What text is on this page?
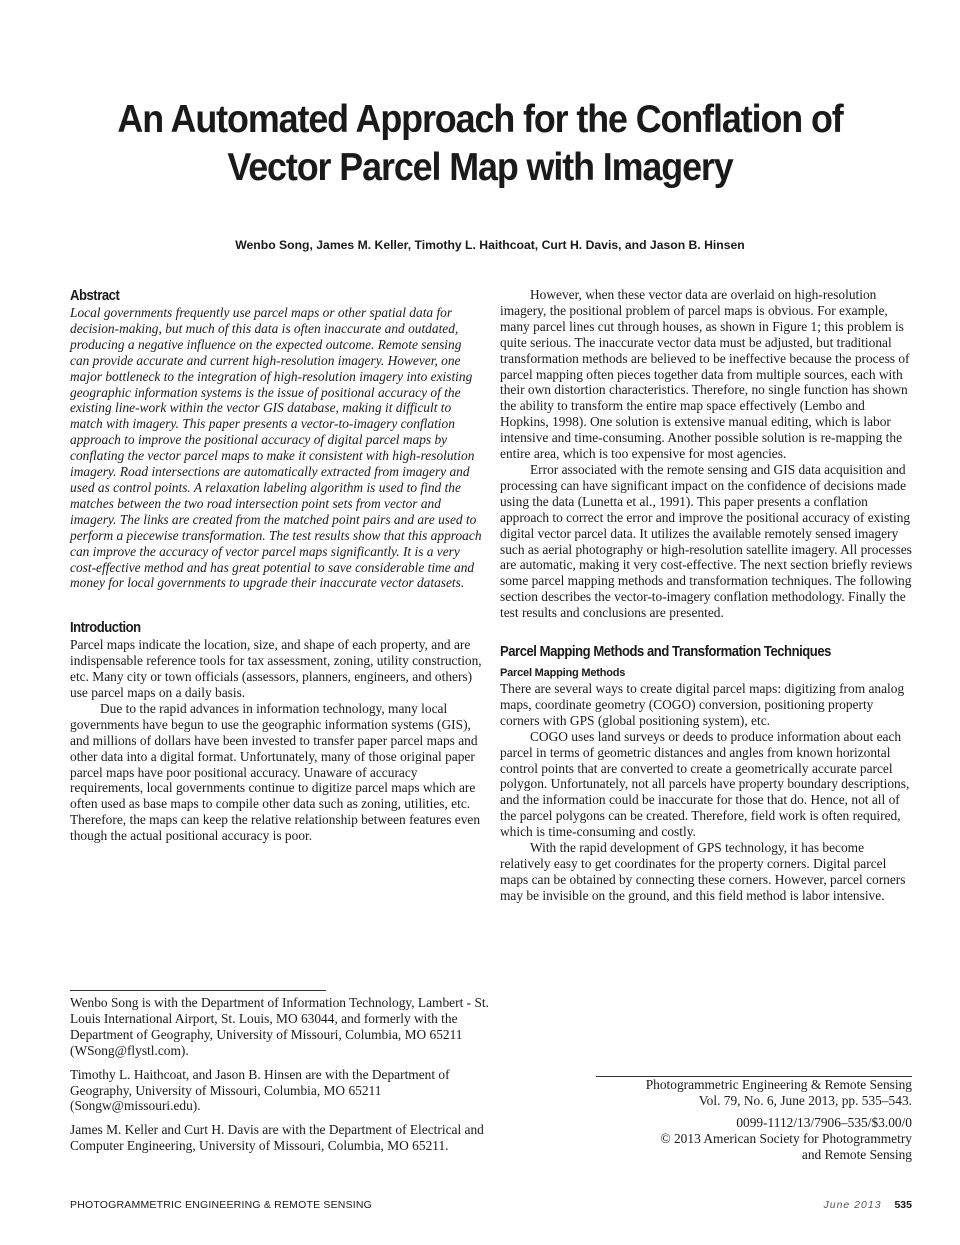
An Automated Approach for the Conflation of
Vector Parcel Map with Imagery
Wenbo Song, James M. Keller, Timothy L. Haithcoat, Curt H. Davis, and Jason B. Hinsen
Abstract

Local governments frequently use parcel maps or other spatial data for decision-making, but much of this data is often inaccurate and outdated, producing a negative influence on the expected outcome. Remote sensing can provide accurate and current high-resolution imagery. However, one major bottleneck to the integration of high-resolution imagery into existing geographic information systems is the issue of positional accuracy of the existing line-work within the vector GIS database, making it difficult to match with imagery. This paper presents a vector-to-imagery conflation approach to improve the positional accuracy of digital parcel maps by conflating the vector parcel maps to make it consistent with high-resolution imagery. Road intersections are automatically extracted from imagery and used as control points. A relaxation labeling algorithm is used to find the matches between the two road intersection point sets from vector and imagery. The links are created from the matched point pairs and are used to perform a piecewise transformation. The test results show that this approach can improve the accuracy of vector parcel maps significantly. It is a very cost-effective method and has great potential to save considerable time and money for local governments to upgrade their inaccurate vector datasets.

Introduction

Parcel maps indicate the location, size, and shape of each property, and are indispensable reference tools for tax assessment, zoning, utility construction, etc. Many city or town officials (assessors, planners, engineers, and others) use parcel maps on a daily basis.

Due to the rapid advances in information technology, many local governments have begun to use the geographic information systems (GIS), and millions of dollars have been invested to transfer paper parcel maps and other data into a digital format. Unfortunately, many of those original paper parcel maps have poor positional accuracy. Unaware of accuracy requirements, local governments continue to digitize parcel maps which are often used as base maps to compile other data such as zoning, utilities, etc. Therefore, the maps can keep the relative relationship between features even though the actual positional accuracy is poor.

However, when these vector data are overlaid on high-resolution imagery, the positional problem of parcel maps is obvious. For example, many parcel lines cut through houses, as shown in Figure 1; this problem is quite serious. The inaccurate vector data must be adjusted, but traditional transformation methods are believed to be ineffective because the process of parcel mapping often pieces together data from multiple sources, each with their own distortion characteristics. Therefore, no single function has shown the ability to transform the entire map space effectively (Lembo and Hopkins, 1998). One solution is extensive manual editing, which is labor intensive and time-consuming. Another possible solution is re-mapping the entire area, which is too expensive for most agencies.

Error associated with the remote sensing and GIS data acquisition and processing can have significant impact on the confidence of decisions made using the data (Lunetta et al., 1991). This paper presents a conflation approach to correct the error and improve the positional accuracy of existing digital vector parcel data. It utilizes the available remotely sensed imagery such as aerial photography or high-resolution satellite imagery. All processes are automatic, making it very cost-effective. The next section briefly reviews some parcel mapping methods and transformation techniques. The following section describes the vector-to-imagery conflation methodology. Finally the test results and conclusions are presented.

Parcel Mapping Methods and Transformation Techniques
Parcel Mapping Methods

There are several ways to create digital parcel maps: digitizing from analog maps, coordinate geometry (COGO) conversion, positioning property corners with GPS (global positioning system), etc.

COGO uses land surveys or deeds to produce information about each parcel in terms of geometric distances and angles from known horizontal control points that are converted to create a geometrically accurate parcel polygon. Unfortunately, not all parcels have property boundary descriptions, and the information could be inaccurate for those that do. Hence, not all of the parcel polygons can be created. Therefore, field work is often required, which is time-consuming and costly.

With the rapid development of GPS technology, it has become relatively easy to get coordinates for the property corners. Digital parcel maps can be obtained by connecting these corners. However, parcel corners may be invisible on the ground, and this field method is labor intensive.

Wenbo Song is with the Department of Information Technology, Lambert - St. Louis International Airport, St. Louis, MO 63044, and formerly with the Department of Geography, University of Missouri, Columbia, MO 65211 (WSong@flystl.com).

Timothy L. Haithcoat, and Jason B. Hinsen are with the Department of Geography, University of Missouri, Columbia, MO 65211 (Songw@missouri.edu).

James M. Keller and Curt H. Davis are with the Department of Electrical and Computer Engineering, University of Missouri, Columbia, MO 65211.

Photogrammetric Engineering & Remote Sensing

Vol. 79, No. 6, June 2013, pp. 535–543.

0099-1112/13/7906–535/$3.00/0

© 2013 American Society for Photogrammetry

and Remote Sensing

PHOTOGRAMMETRIC ENGINEERING & REMOTE SENSING	June 2013 535
